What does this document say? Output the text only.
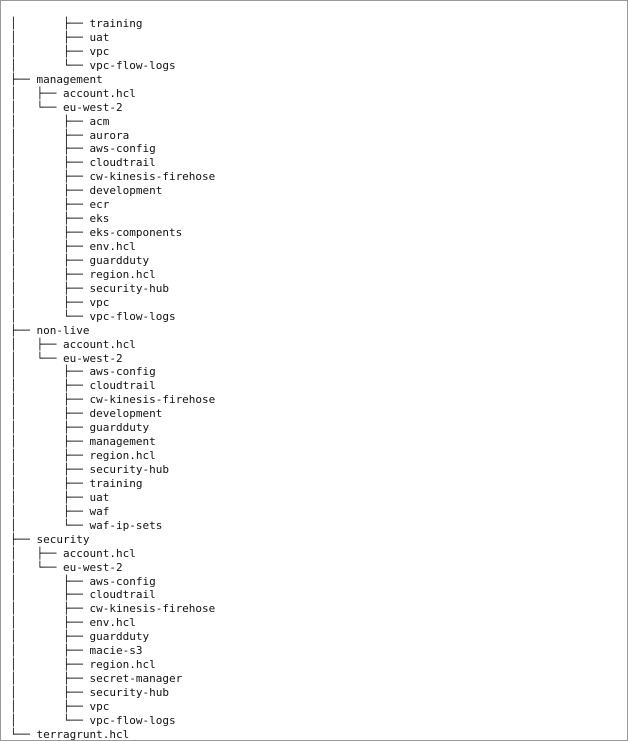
│       ├── training
│       ├── uat
│       ├── vpc
│       └── vpc-flow-logs
├── management
│   ├── account.hcl
│   └── eu-west-2
│       ├── acm
│       ├── aurora
│       ├── aws-config
│       ├── cloudtrail
│       ├── cw-kinesis-firehose
│       ├── development
│       ├── ecr
│       ├── eks
│       ├── eks-components
│       ├── env.hcl
│       ├── guardduty
│       ├── region.hcl
│       ├── security-hub
│       ├── vpc
│       └── vpc-flow-logs
├── non-live
│   ├── account.hcl
│   └── eu-west-2
│       ├── aws-config
│       ├── cloudtrail
│       ├── cw-kinesis-firehose
│       ├── development
│       ├── guardduty
│       ├── management
│       ├── region.hcl
│       ├── security-hub
│       ├── training
│       ├── uat
│       ├── waf
│       └── waf-ip-sets
├── security
│   ├── account.hcl
│   └── eu-west-2
│       ├── aws-config
│       ├── cloudtrail
│       ├── cw-kinesis-firehose
│       ├── env.hcl
│       ├── guardduty
│       ├── macie-s3
│       ├── region.hcl
│       ├── secret-manager
│       ├── security-hub
│       ├── vpc
│       └── vpc-flow-logs
└── terragrunt.hcl
